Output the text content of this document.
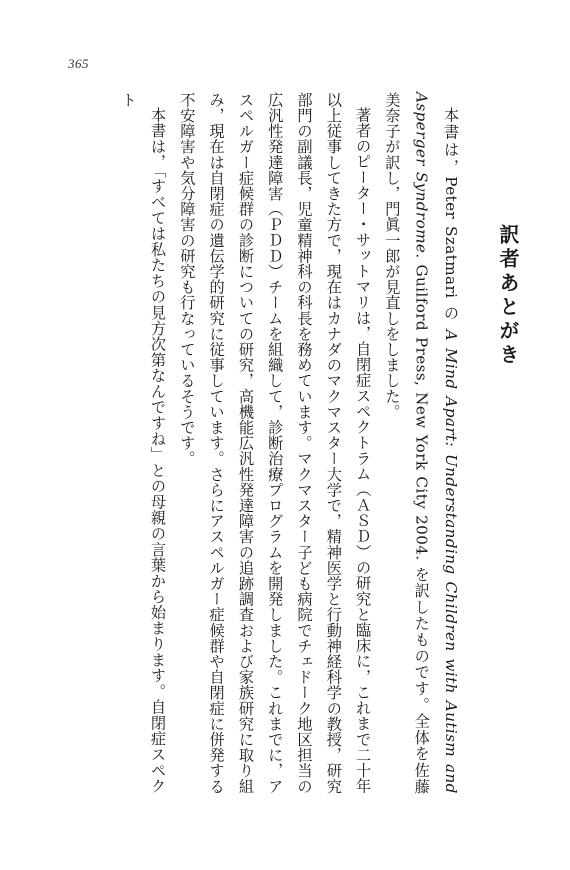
365
訳者あとがき

本書は，Peter Szatmari の A Mind Apart: Understanding Children with Autism and Asperger Syndrome. Guilford Press, New York City 2004. を訳したものです。全体を佐藤美奈子が訳し，門眞一郎が見直しをしました。

著者のピーター・サットマリは，自閉症スペクトラム（ＡＳＤ）の研究と臨床に，これまで二十年以上従事してきた方で，現在はカナダのマクマスター大学で，精神医学と行動神経科学の教授，研究部門の副議長，児童精神科の科長を務めています。マクマスター子ども病院でチェドーク地区担当の広汎性発達障害（ＰＤＤ）チームを組織して，診断治療プログラムを開発しました。これまでに，アスペルガー症候群の診断についての研究，高機能広汎性発達障害の追跡調査および家族研究に取り組み，現在は自閉症の遺伝学的研究に従事しています。さらにアスペルガー症候群や自閉症に併発する不安障害や気分障害の研究も行なっているそうです。

本書は，「すべては私たちの見方次第なんですね」との母親の言葉から始まります。自閉症スペクト
